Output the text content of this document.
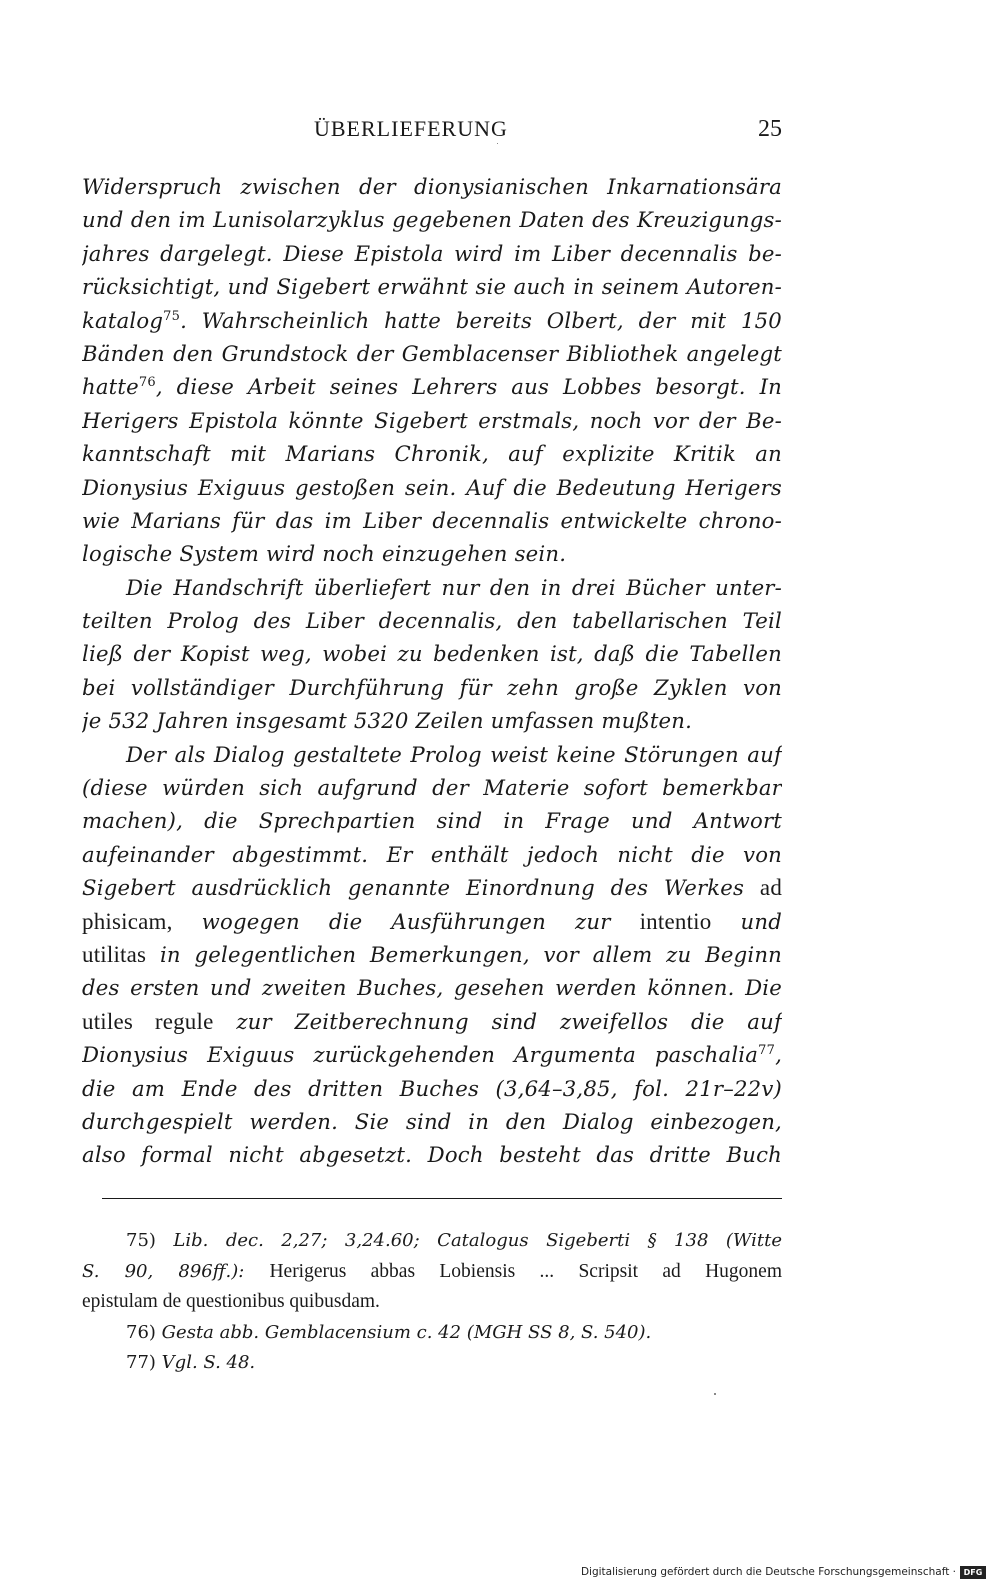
ÜBERLIEFERUNG	25
Widerspruch zwischen der dionysianischen Inkarnationsära
und den im Lunisolarzyklus gegebenen Daten des Kreuzigungs-
jahres dargelegt. Diese Epistola wird im Liber decennalis be-
rücksichtigt, und Sigebert erwähnt sie auch in seinem Autoren-
katalog$^{75}$. Wahrscheinlich hatte bereits Olbert, der mit 150
Bänden den Grundstock der Gemblacenser Bibliothek angelegt
hatte$^{76}$, diese Arbeit seines Lehrers aus Lobbes besorgt. In
Herigers Epistola könnte Sigebert erstmals, noch vor der Be-
kanntschaft mit Marians Chronik, auf explizite Kritik an
Dionysius Exiguus gestoßen sein. Auf die Bedeutung Herigers
wie Marians für das im Liber decennalis entwickelte chrono-
logische System wird noch einzugehen sein.
Die Handschrift überliefert nur den in drei Bücher unter-
teilten Prolog des Liber decennalis, den tabellarischen Teil
ließ der Kopist weg, wobei zu bedenken ist, daß die Tabellen
bei vollständiger Durchführung für zehn große Zyklen von
je 532 Jahren insgesamt 5320 Zeilen umfassen mußten.
Der als Dialog gestaltete Prolog weist keine Störungen auf
(diese würden sich aufgrund der Materie sofort bemerkbar
machen), die Sprechpartien sind in Frage und Antwort
aufeinander abgestimmt. Er enthält jedoch nicht die von
Sigebert ausdrücklich genannte Einordnung des Werkes ad
phisicam, wogegen die Ausführungen zur intentio und
utilitas in gelegentlichen Bemerkungen, vor allem zu Beginn
des ersten und zweiten Buches, gesehen werden können. Die
utiles regule zur Zeitberechnung sind zweifellos die auf
Dionysius Exiguus zurückgehenden Argumenta paschalia$^{77}$,
die am Ende des dritten Buches (3,64–3,85, fol. 21r–22v)
durchgespielt werden. Sie sind in den Dialog einbezogen,
also formal nicht abgesetzt. Doch besteht das dritte Buch
75) Lib. dec. 2,27; 3,24.60; Catalogus Sigeberti § 138 (Witte
S. 90, 896ff.): Herigerus abbas Lobiensis ... Scripsit ad Hugonem
epistulam de questionibus quibusdam.
76) Gesta abb. Gemblacensium c. 42 (MGH SS 8, S. 540).
77) Vgl. S. 48.
Digitalisierung gefördert durch die Deutsche Forschungsgemeinschaft · DFG
